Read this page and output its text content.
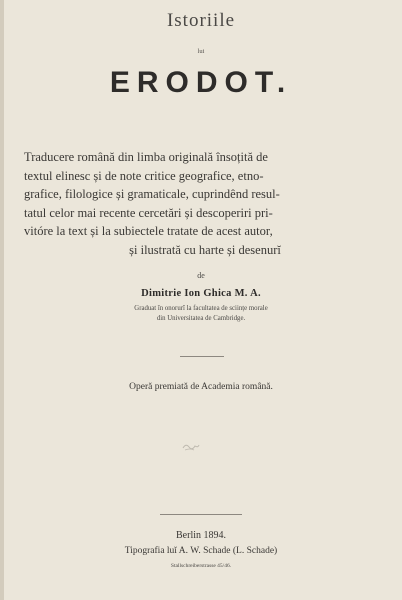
Istoriile
lui
ERODOT.
Traducere română din limba originală însoțită de
textul elinesc și de note critice geografice, etno-
grafice, filologice și gramaticale, cuprindênd resul-
tatul celor mai recente cercetări și descoperiri pri-
vitóre la text și la subiectele tratate de acest autor,
și ilustrată cu harte și desenurĭ
de
Dimitrie Ion Ghica M. A.
Graduat în onorurĭ la facultatea de sciințe morale
din Universitatea de Cambridge.
Operă premiată de Academia română.
Berlin 1894.
Tipografia luĭ A. W. Schade (L. Schade)
Stallschreiberstrasse 45/46.
